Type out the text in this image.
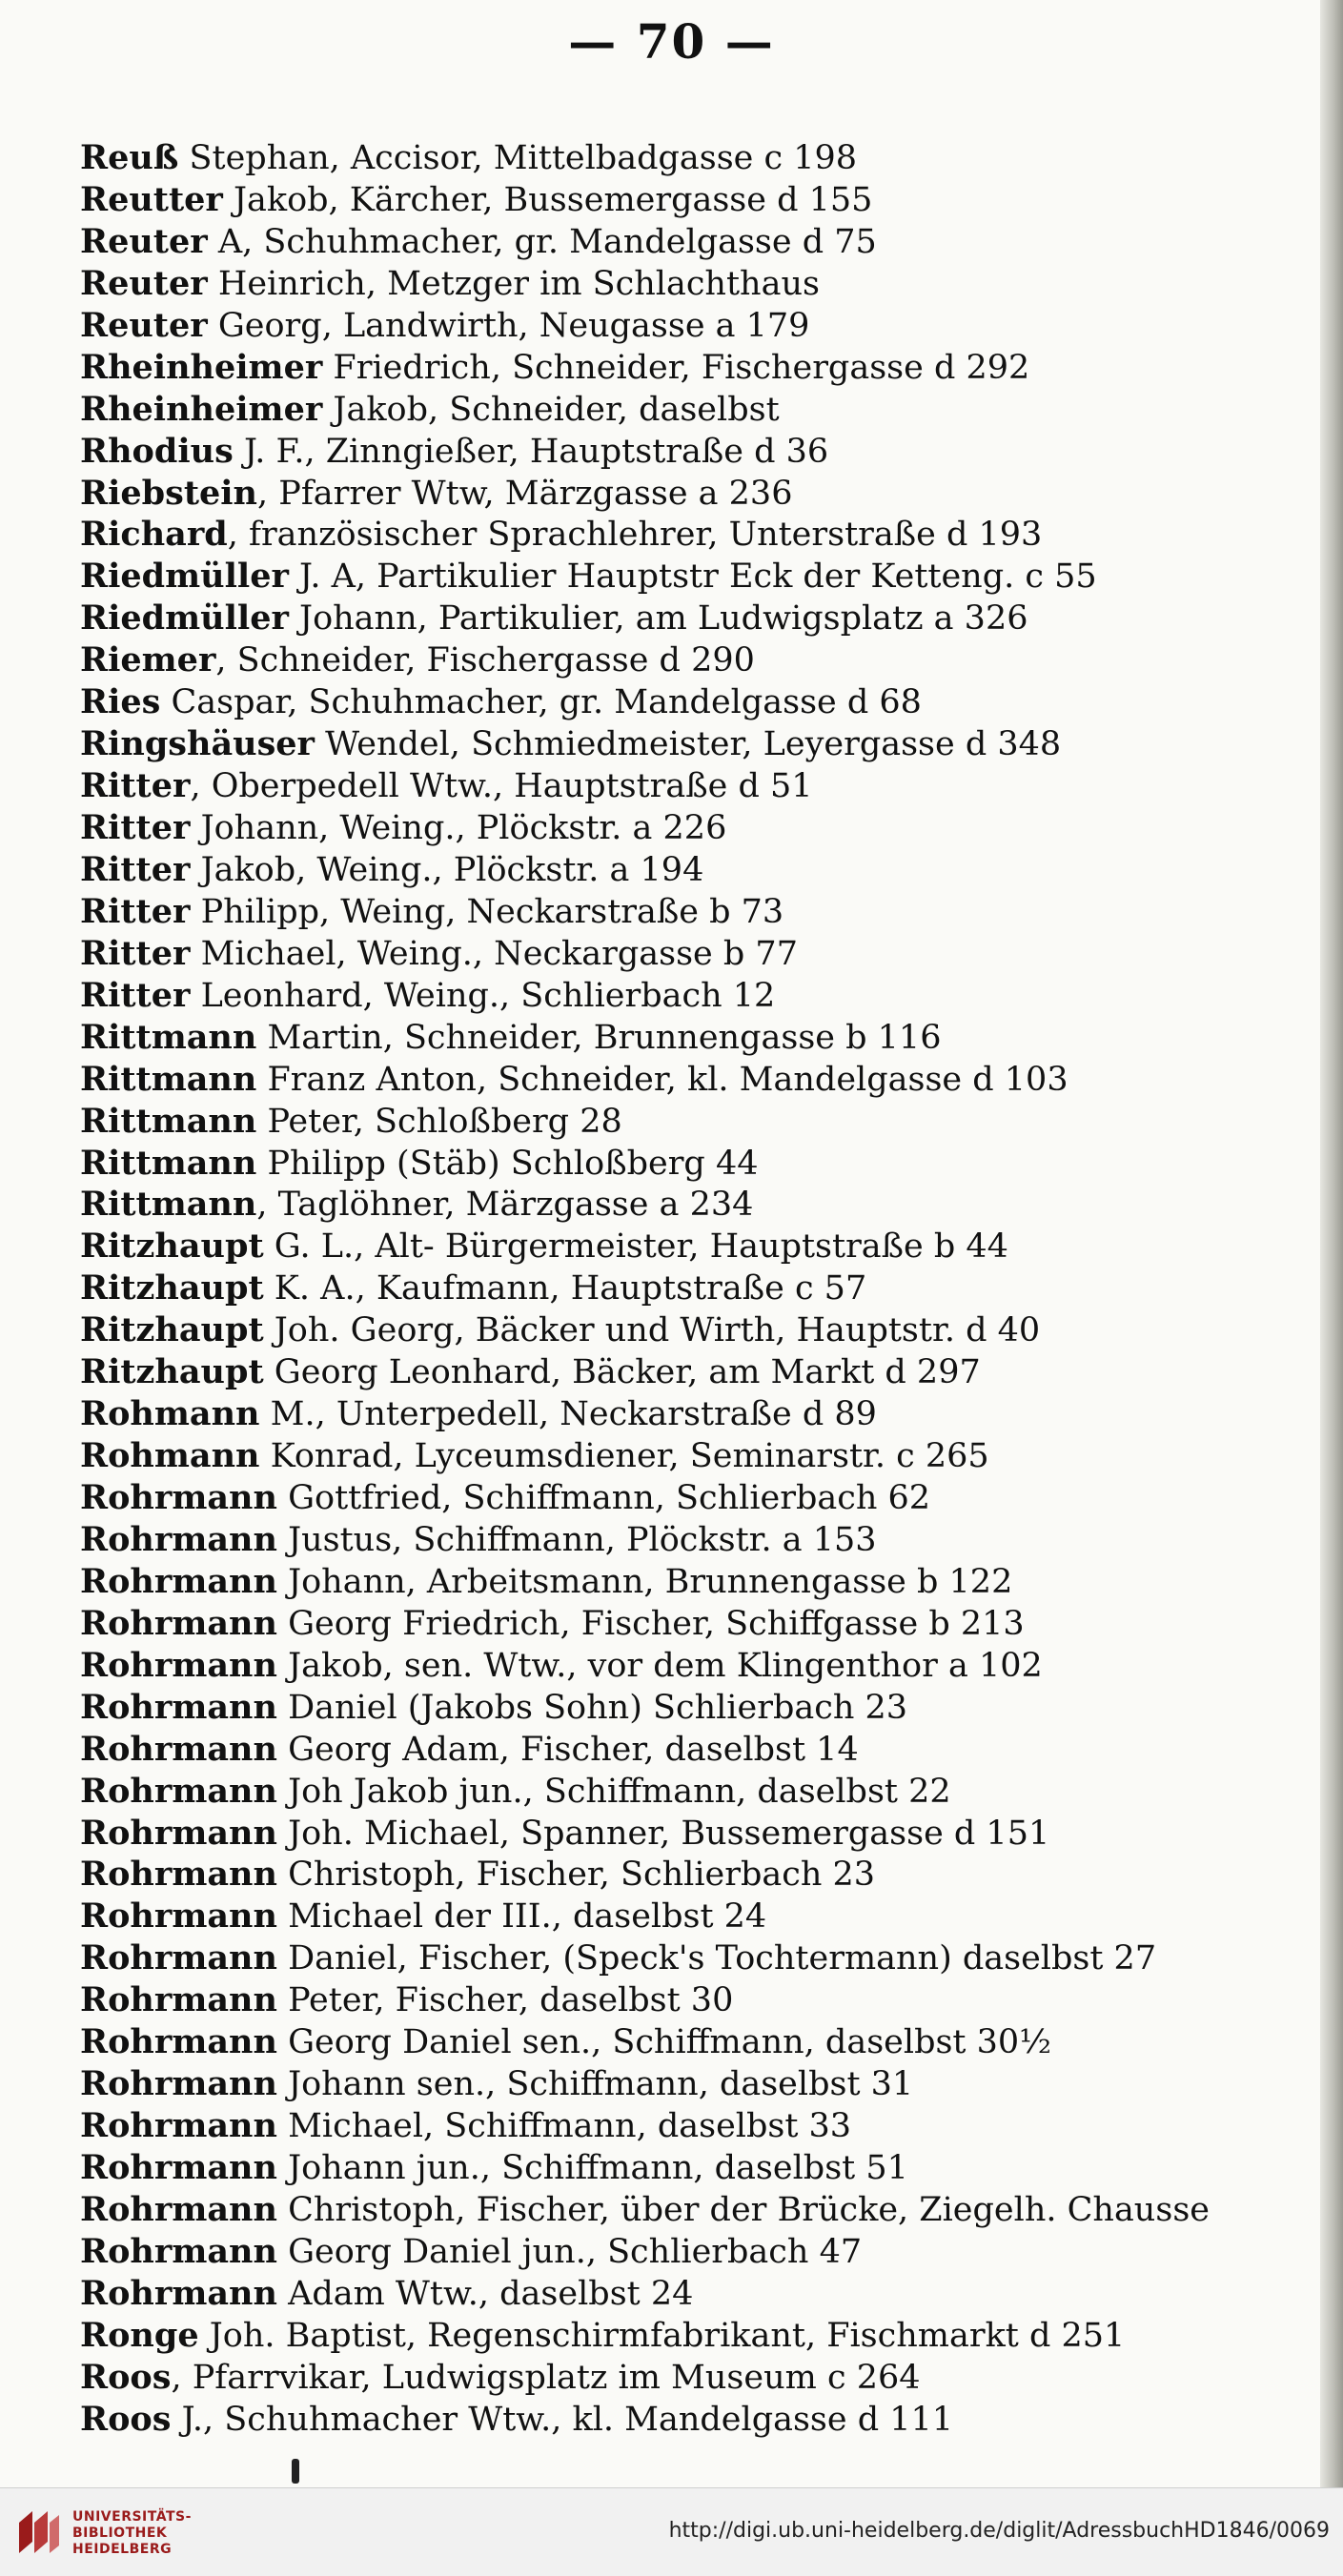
— 70 —
Reuß Stephan, Accisor, Mittelbadgasse c 198
Reutter Jakob, Kärcher, Bussemergasse d 155
Reuter A, Schuhmacher, gr. Mandelgasse d 75
Reuter Heinrich, Metzger im Schlachthaus
Reuter Georg, Landwirth, Neugasse a 179
Rheinheimer Friedrich, Schneider, Fischergasse d 292
Rheinheimer Jakob, Schneider, daselbst
Rhodius J. F., Zinngießer, Hauptstraße d 36
Riebstein, Pfarrer Wtw, Märzgasse a 236
Richard, französischer Sprachlehrer, Unterstraße d 193
Riedmüller J. A, Partikulier Hauptstr Eck der Ketteng. c 55
Riedmüller Johann, Partikulier, am Ludwigsplatz a 326
Riemer, Schneider, Fischergasse d 290
Ries Caspar, Schuhmacher, gr. Mandelgasse d 68
Ringshäuser Wendel, Schmiedmeister, Leyergasse d 348
Ritter, Oberpedell Wtw., Hauptstraße d 51
Ritter Johann, Weing., Plöckstr. a 226
Ritter Jakob, Weing., Plöckstr. a 194
Ritter Philipp, Weing, Neckarstraße b 73
Ritter Michael, Weing., Neckargasse b 77
Ritter Leonhard, Weing., Schlierbach 12
Rittmann Martin, Schneider, Brunnengasse b 116
Rittmann Franz Anton, Schneider, kl. Mandelgasse d 103
Rittmann Peter, Schloßberg 28
Rittmann Philipp (Stäb) Schloßberg 44
Rittmann, Taglöhner, Märzgasse a 234
Ritzhaupt G. L., Alt- Bürgermeister, Hauptstraße b 44
Ritzhaupt K. A., Kaufmann, Hauptstraße c 57
Ritzhaupt Joh. Georg, Bäcker und Wirth, Hauptstr. d 40
Ritzhaupt Georg Leonhard, Bäcker, am Markt d 297
Rohmann M., Unterpedell, Neckarstraße d 89
Rohmann Konrad, Lyceumsdiener, Seminarstr. c 265
Rohrmann Gottfried, Schiffmann, Schlierbach 62
Rohrmann Justus, Schiffmann, Plöckstr. a 153
Rohrmann Johann, Arbeitsmann, Brunnengasse b 122
Rohrmann Georg Friedrich, Fischer, Schiffgasse b 213
Rohrmann Jakob, sen. Wtw., vor dem Klingenthor a 102
Rohrmann Daniel (Jakobs Sohn) Schlierbach 23
Rohrmann Georg Adam, Fischer, daselbst 14
Rohrmann Joh Jakob jun., Schiffmann, daselbst 22
Rohrmann Joh. Michael, Spanner, Bussemergasse d 151
Rohrmann Christoph, Fischer, Schlierbach 23
Rohrmann Michael der III., daselbst 24
Rohrmann Daniel, Fischer, (Speck's Tochtermann) daselbst 27
Rohrmann Peter, Fischer, daselbst 30
Rohrmann Georg Daniel sen., Schiffmann, daselbst 30½
Rohrmann Johann sen., Schiffmann, daselbst 31
Rohrmann Michael, Schiffmann, daselbst 33
Rohrmann Johann jun., Schiffmann, daselbst 51
Rohrmann Christoph, Fischer, über der Brücke, Ziegelh. Chausse
Rohrmann Georg Daniel jun., Schlierbach 47
Rohrmann Adam Wtw., daselbst 24
Ronge Joh. Baptist, Regenschirmfabrikant, Fischmarkt d 251
Roos, Pfarrvikar, Ludwigsplatz im Museum c 264
Roos J., Schuhmacher Wtw., kl. Mandelgasse d 111
UNIVERSITÄTS-
BIBLIOTHEK
HEIDELBERG
http://digi.ub.uni-heidelberg.de/diglit/AdressbuchHD1846/0069
